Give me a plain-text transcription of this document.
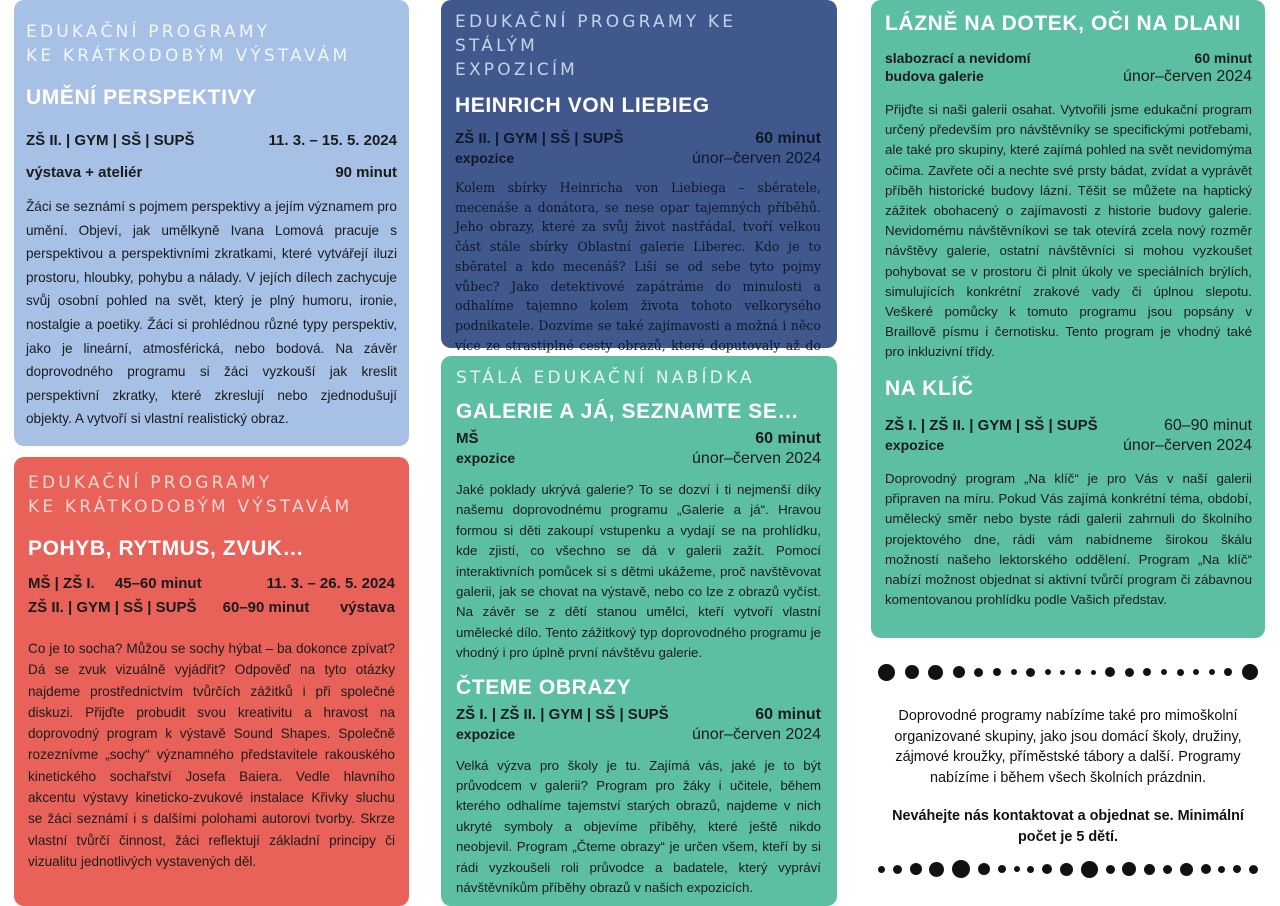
EDUKAČNÍ PROGRAMY
KE KRÁTKODOBÝM VÝSTAVÁM
UMĚNÍ PERSPEKTIVY
ZŠ II. | GYM | SŠ | SUPŠ	11. 3. – 15. 5. 2024
výstava + ateliér	90 minut

Žáci se seznámí s pojmem perspektivy a jejím významem pro umění. Objeví, jak umělkyně Ivana Lomová pracuje s perspektivou a perspektivními zkratkami, které vytvářejí iluzi prostoru, hloubky, pohybu a nálady. V jejích dílech zachycuje svůj osobní pohled na svět, který je plný humoru, ironie, nostalgie a poetiky. Žáci si prohlédnou různé typy perspektiv, jako je lineární, atmosférická, nebo bodová. Na závěr doprovodného programu si žáci vyzkouší jak kreslit perspektivní zkratky, které zkreslují nebo zjednodušují objekty. A vytvoří si vlastní realistický obraz.

EDUKAČNÍ PROGRAMY
KE KRÁTKODOBÝM VÝSTAVÁM
POHYB, RYTMUS, ZVUK…
MŠ | ZŠ I. 45–60 minut	11. 3. – 26. 5. 2024
ZŠ II. | GYM | SŠ | SUPŠ 60–90 minut výstava

Co je to socha? Můžou se sochy hýbat – ba dokonce zpívat? Dá se zvuk vizuálně vyjádřit? Odpověď na tyto otázky najdeme prostřednictvím tvůrčích zážitků i při společné diskuzi. Přijďte probudit svou kreativitu a hravost na doprovodný program k výstavě Sound Shapes. Společně rozeznívme „sochy“ významného představitele rakouského kinetického sochařství Josefa Baiera. Vedle hlavního akcentu výstavy kineticko-zvukové instalace Křivky sluchu se žáci seznámí i s dalšími polohami autorovi tvorby. Skrze vlastní tvůrčí činnost, žáci reflektují základní principy či vizualitu jednotlivých vystavených děl.

EDUKAČNÍ PROGRAMY KE STÁLÝM
EXPOZICÍM
HEINRICH VON LIEBIEG
ZŠ II. | GYM | SŠ | SUPŠ	60 minut
expozice	únor–červen 2024

Kolem sbírky Heinricha von Liebiega – sběratele, mecenáše a donátora, se nese opar tajemných příběhů. Jeho obrazy, které za svůj život nastřádal, tvoří velkou část stále sbírky Oblastní galerie Liberec. Kdo je to sběratel a kdo mecenáš? Liší se od sebe tyto pojmy vůbec? Jako detektivové zapátráme do minulosti a odhalíme tajemno kolem života tohoto velkorysého podnikatele. Dozvíme se také zajímavosti a možná i něco více ze strastiplné cesty obrazů, které doputovaly až do

STÁLÁ EDUKAČNÍ NABÍDKA
GALERIE A JÁ, SEZNAMTE SE…
MŠ	60 minut
expozice	únor–červen 2024

Jaké poklady ukrývá galerie? To se dozví i ti nejmenší díky našemu doprovodnému programu „Galerie a já“. Hravou formou si děti zakoupí vstupenku a vydají se na prohlídku, kde zjistí, co všechno se dá v galerii zažít. Pomocí interaktivních pomůcek si s dětmi ukážeme, proč navštěvovat galerii, jak se chovat na výstavě, nebo co lze z obrazů vyčíst. Na závěr se z dětí stanou umělci, kteří vytvoří vlastní umělecké dílo. Tento zážitkový typ doprovodného programu je vhodný i pro úplně první návštěvu galerie.

ČTEME OBRAZY
ZŠ I. | ZŠ II. | GYM | SŠ | SUPŠ	60 minut
expozice	únor–červen 2024

Velká výzva pro školy je tu. Zajímá vás, jaké je to být průvodcem v galerii? Program pro žáky i učitele, během kterého odhalíme tajemství starých obrazů, najdeme v nich ukryté symboly a objevíme příběhy, které ještě nikdo neobjevil. Program „Čteme obrazy“ je určen všem, kteří by si rádi vyzkoušeli roli průvodce a badatele, který vypráví návštěvníkům příběhy obrazů v našich expozicích.

LÁZNĚ NA DOTEK, OČI NA DLANI
slabozrací a nevidomí	60 minut
budova galerie	únor–červen 2024

Přijďte si naši galerii osahat. Vytvořili jsme edukační program určený především pro návštěvníky se specifickými potřebami, ale také pro skupiny, které zajímá pohled na svět nevidomýma očima. Zavřete oči a nechte své prsty bádat, zvídat a vyprávět příběh historické budovy lázní. Těšit se můžete na haptický zážitek obohacený o zajímavosti z historie budovy galerie. Nevidomému návštěvníkovi se tak otevírá zcela nový rozměr návštěvy galerie, ostatní návštěvníci si mohou vyzkoušet pohybovat se v prostoru či plnit úkoly ve speciálních brýlích, simulujících konkrétní zrakové vady či úplnou slepotu. Veškeré pomůcky k tomuto programu jsou popsány v Braillově písmu i černotisku. Tento program je vhodný také pro inkluzivní třídy.

NA KLÍČ
ZŠ I. | ZŠ II. | GYM | SŠ | SUPŠ	60–90 minut
expozice	únor–červen 2024

Doprovodný program „Na klíč“ je pro Vás v naší galerii připraven na míru. Pokud Vás zajímá konkrétní téma, období, umělecký směr nebo byste rádi galerii zahrnuli do školního projektového dne, rádi vám nabídneme širokou škálu možností našeho lektorského oddělení. Program „Na klíč“ nabízí možnost objednat si aktivní tvůrčí program či zábavnou komentovanou prohlídku podle Vašich představ.

Doprovodné programy nabízíme také pro mimoškolní organizované skupiny, jako jsou domácí školy, družiny, zájmové kroužky, příměstské tábory a další. Programy nabízíme i během všech školních prázdnin.

Neváhejte nás kontaktovat a objednat se. Minimální počet je 5 dětí.
